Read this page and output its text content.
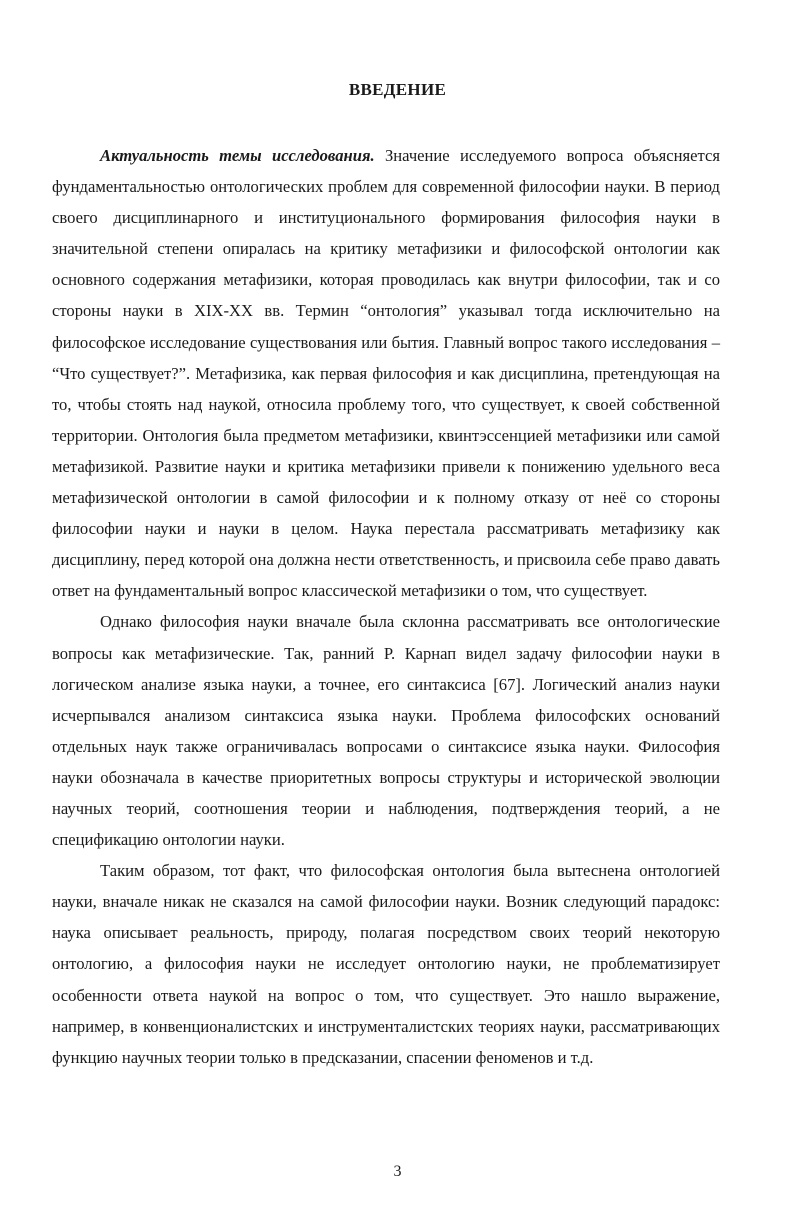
ВВЕДЕНИЕ

Актуальность темы исследования. Значение исследуемого вопроса объясняется фундаментальностью онтологических проблем для современной философии науки. В период своего дисциплинарного и институционального формирования философия науки в значительной степени опиралась на критику метафизики и философской онтологии как основного содержания метафизики, которая проводилась как внутри философии, так и со стороны науки в XIX-XX вв. Термин “онтология” указывал тогда исключительно на философское исследование существования или бытия. Главный вопрос такого исследования – “Что существует?”. Метафизика, как первая философия и как дисциплина, претендующая на то, чтобы стоять над наукой, относила проблему того, что существует, к своей собственной территории. Онтология была предметом метафизики, квинтэссенцией метафизики или самой метафизикой. Развитие науки и критика метафизики привели к понижению удельного веса метафизической онтологии в самой философии и к полному отказу от неё со стороны философии науки и науки в целом. Наука перестала рассматривать метафизику как дисциплину, перед которой она должна нести ответственность, и присвоила себе право давать ответ на фундаментальный вопрос классической метафизики о том, что существует.

Однако философия науки вначале была склонна рассматривать все онтологические вопросы как метафизические. Так, ранний Р. Карнап видел задачу философии науки в логическом анализе языка науки, а точнее, его синтаксиса [67]. Логический анализ науки исчерпывался анализом синтаксиса языка науки. Проблема философских оснований отдельных наук также ограничивалась вопросами о синтаксисе языка науки. Философия науки обозначала в качестве приоритетных вопросы структуры и исторической эволюции научных теорий, соотношения теории и наблюдения, подтверждения теорий, а не спецификацию онтологии науки.

Таким образом, тот факт, что философская онтология была вытеснена онтологией науки, вначале никак не сказался на самой философии науки. Возник следующий парадокс: наука описывает реальность, природу, полагая посредством своих теорий некоторую онтологию, а философия науки не исследует онтологию науки, не проблематизирует особенности ответа наукой на вопрос о том, что существует. Это нашло выражение, например, в конвенционалистских и инструменталистских теориях науки, рассматривающих функцию научных теории только в предсказании, спасении феноменов и т.д.

3
